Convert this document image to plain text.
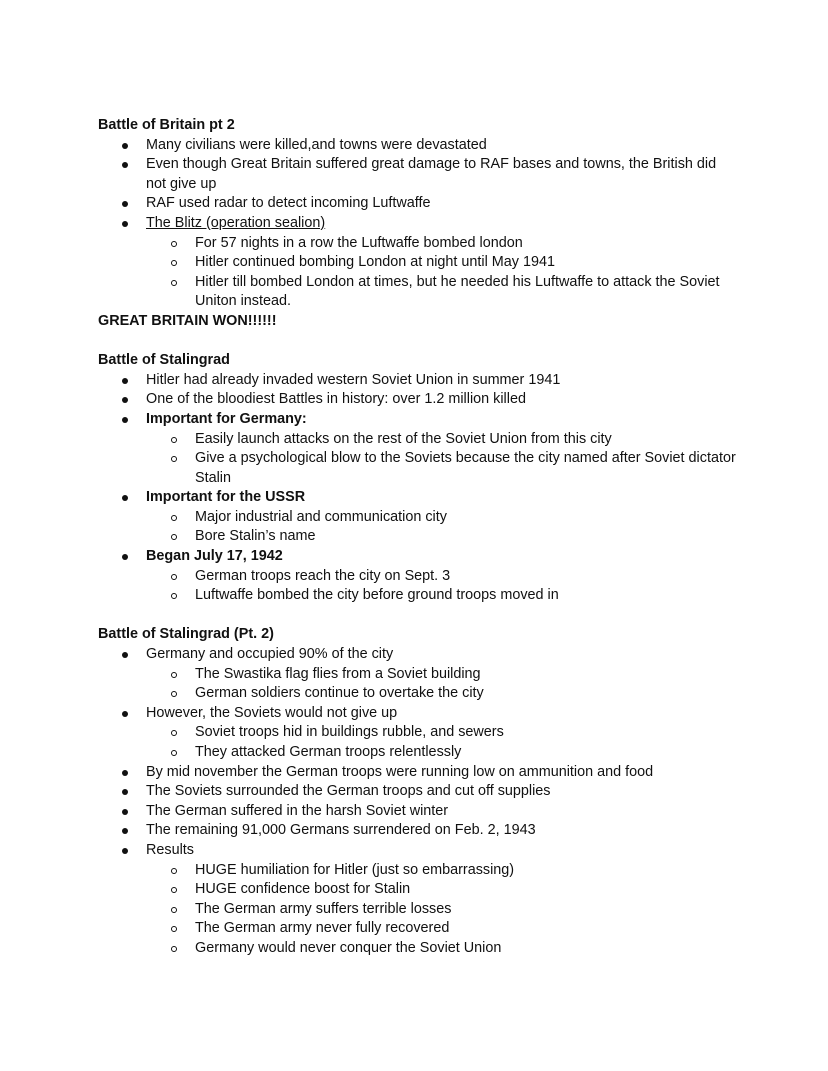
Battle of Britain pt 2
Many civilians were killed,and towns were devastated
Even though Great Britain suffered great damage to RAF bases and towns, the British did not give up
RAF used radar to detect incoming Luftwaffe
The Blitz (operation sealion)
For 57 nights in a row the Luftwaffe bombed london
Hitler continued bombing London at night until May 1941
Hitler till bombed London at times, but he needed his Luftwaffe to attack the Soviet Uniton instead.
GREAT BRITAIN WON!!!!!!
Battle of Stalingrad
Hitler had already invaded western Soviet Union in summer 1941
One of the bloodiest Battles in history: over 1.2 million killed
Important for Germany:
Easily launch attacks on the rest of the Soviet Union from this city
Give a psychological blow to the Soviets because the city named after Soviet dictator Stalin
Important for the USSR
Major industrial and communication city
Bore Stalin’s name
Began July 17, 1942
German troops reach the city on Sept. 3
Luftwaffe bombed the city before ground troops moved in
Battle of Stalingrad (Pt. 2)
Germany and occupied 90% of the city
The Swastika flag flies from a Soviet building
German soldiers continue to overtake the city
However, the Soviets would not give up
Soviet troops hid in buildings rubble, and sewers
They attacked German troops relentlessly
By mid november the German troops were running low on ammunition and food
The Soviets surrounded the German troops and cut off supplies
The German suffered in the harsh Soviet winter
The remaining 91,000 Germans surrendered on Feb. 2, 1943
Results
HUGE humiliation for Hitler (just so embarrassing)
HUGE confidence boost for Stalin
The German army suffers terrible losses
The German army never fully recovered
Germany would never conquer the Soviet Union
